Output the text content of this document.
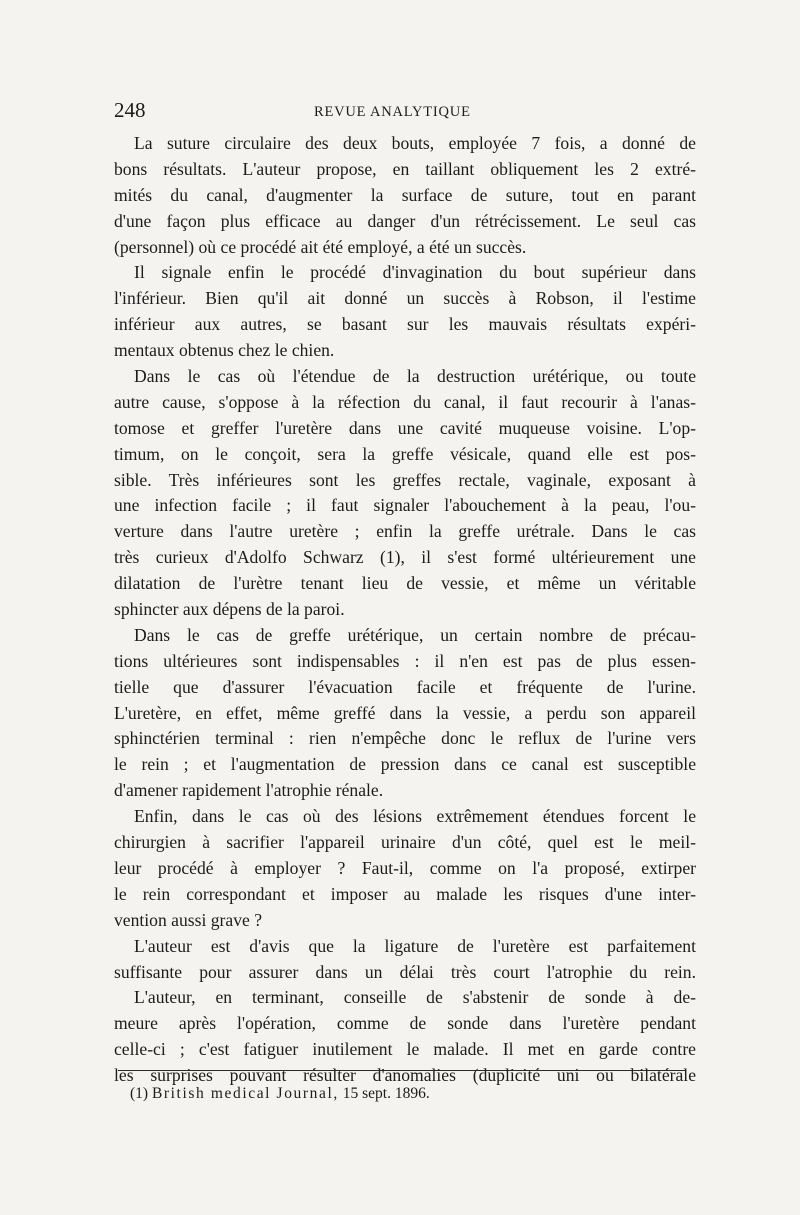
248	REVUE ANALYTIQUE
La suture circulaire des deux bouts, employée 7 fois, a donné de
bons résultats. L'auteur propose, en taillant obliquement les 2 extré-
mités du canal, d'augmenter la surface de suture, tout en parant
d'une façon plus efficace au danger d'un rétrécissement. Le seul cas
(personnel) où ce procédé ait été employé, a été un succès.
Il signale enfin le procédé d'invagination du bout supérieur dans
l'inférieur. Bien qu'il ait donné un succès à Robson, il l'estime
inférieur aux autres, se basant sur les mauvais résultats expéri-
mentaux obtenus chez le chien.
Dans le cas où l'étendue de la destruction urétérique, ou toute
autre cause, s'oppose à la réfection du canal, il faut recourir à l'anas-
tomose et greffer l'uretère dans une cavité muqueuse voisine. L'op-
timum, on le conçoit, sera la greffe vésicale, quand elle est pos-
sible. Très inférieures sont les greffes rectale, vaginale, exposant à
une infection facile ; il faut signaler l'abouchement à la peau, l'ou-
verture dans l'autre uretère ; enfin la greffe urétrale. Dans le cas
très curieux d'Adolfo Schwarz (1), il s'est formé ultérieurement une
dilatation de l'urètre tenant lieu de vessie, et même un véritable
sphincter aux dépens de la paroi.
Dans le cas de greffe urétérique, un certain nombre de précau-
tions ultérieures sont indispensables : il n'en est pas de plus essen-
tielle que d'assurer l'évacuation facile et fréquente de l'urine.
L'uretère, en effet, même greffé dans la vessie, a perdu son appareil
sphinctérien terminal : rien n'empêche donc le reflux de l'urine vers
le rein ; et l'augmentation de pression dans ce canal est susceptible
d'amener rapidement l'atrophie rénale.
Enfin, dans le cas où des lésions extrêmement étendues forcent le
chirurgien à sacrifier l'appareil urinaire d'un côté, quel est le meil-
leur procédé à employer ? Faut-il, comme on l'a proposé, extirper
le rein correspondant et imposer au malade les risques d'une inter-
vention aussi grave ?
L'auteur est d'avis que la ligature de l'uretère est parfaitement
suffisante pour assurer dans un délai très court l'atrophie du rein.
L'auteur, en terminant, conseille de s'abstenir de sonde à de-
meure après l'opération, comme de sonde dans l'uretère pendant
celle-ci ; c'est fatiguer inutilement le malade. Il met en garde contre
les surprises pouvant résulter d'anomalies (duplicité uni ou bilatérale
(1) British medical Journal, 15 sept. 1896.
